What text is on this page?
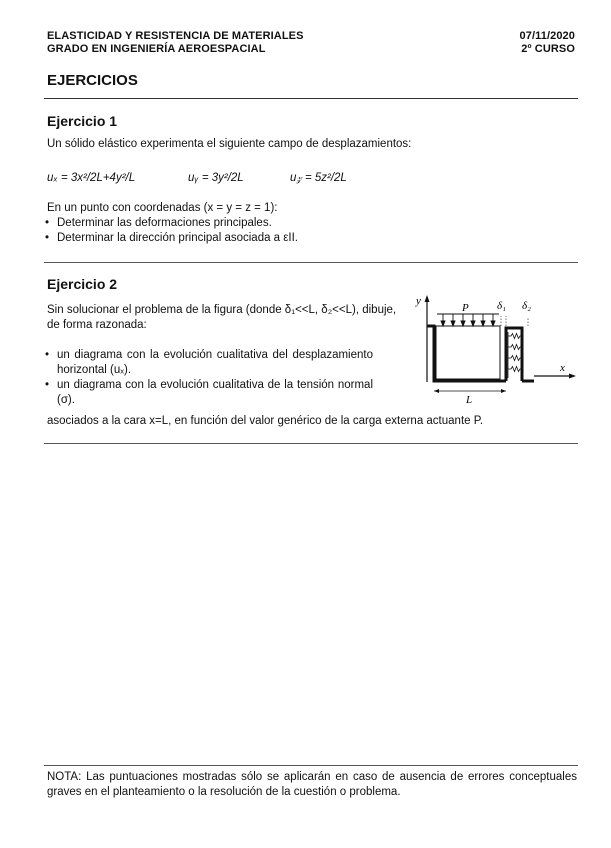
ELASTICIDAD Y RESISTENCIA DE MATERIALES
GRADO EN INGENIERÍA AEROESPACIAL
07/11/2020
2º CURSO
EJERCICIOS
Ejercicio 1
Un sólido elástico experimenta el siguiente campo de desplazamientos:
uₓ = 3x²/2L+4y²/L	uᵧ = 3y²/2L	u𝓏 = 5z²/2L
En un punto con coordenadas (x = y = z = 1):
• Determinar las deformaciones principales.
• Determinar la dirección principal asociada a εII.
Ejercicio 2
Sin solucionar el problema de la figura (donde δ₁<<L, δ₂<<L), dibuje,
de forma razonada:
• un diagrama con la evolución cualitativa del desplazamiento
horizontal (uₓ).
• un diagrama con la evolución cualitativa de la tensión normal (σ).
asociados a la cara x=L, en función del valor genérico de la carga externa actuante P.
y
P	δ₁ δ₂
x
L
NOTA: Las puntuaciones mostradas sólo se aplicarán en caso de ausencia de errores conceptuales
graves en el planteamiento o la resolución de la cuestión o problema.
